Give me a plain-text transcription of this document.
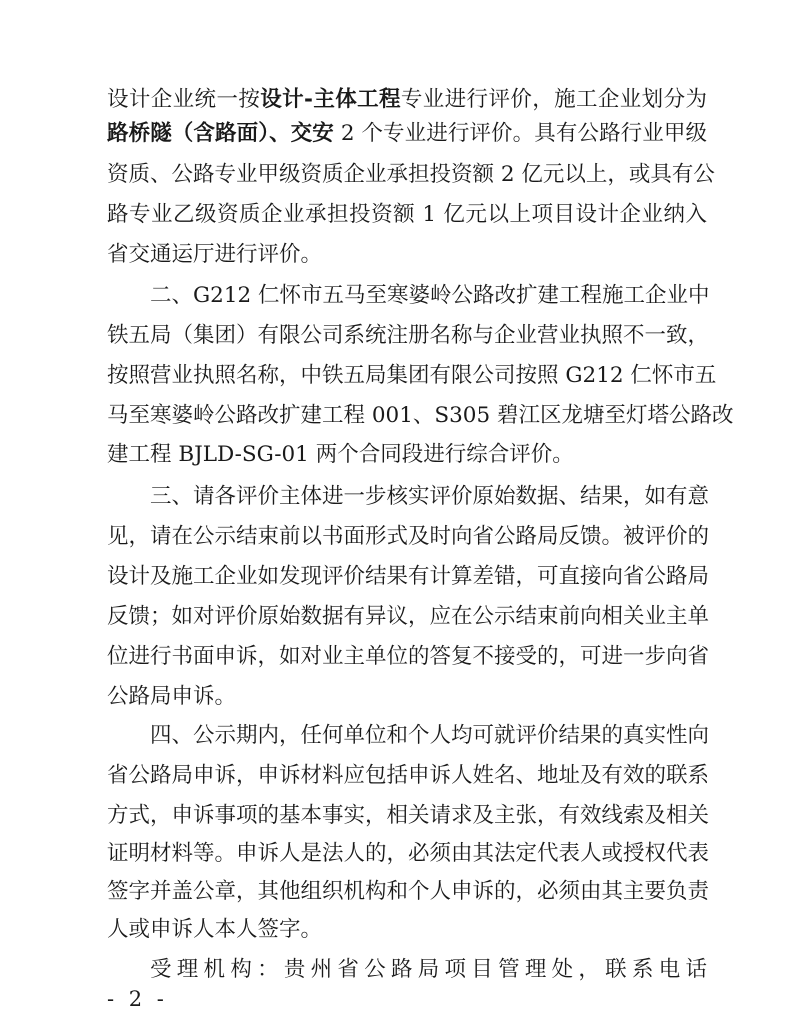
设计企业统一按设计-主体工程专业进行评价，施工企业划分为
路桥隧（含路面）、交安 2 个专业进行评价。具有公路行业甲级
资质、公路专业甲级资质企业承担投资额 2 亿元以上，或具有公
路专业乙级资质企业承担投资额 1 亿元以上项目设计企业纳入
省交通运厅进行评价。
二、G212 仁怀市五马至寒婆岭公路改扩建工程施工企业中
铁五局（集团）有限公司系统注册名称与企业营业执照不一致，
按照营业执照名称，中铁五局集团有限公司按照 G212 仁怀市五
马至寒婆岭公路改扩建工程 001、S305 碧江区龙塘至灯塔公路改
建工程 BJLD-SG-01 两个合同段进行综合评价。
三、请各评价主体进一步核实评价原始数据、结果，如有意
见，请在公示结束前以书面形式及时向省公路局反馈。被评价的
设计及施工企业如发现评价结果有计算差错，可直接向省公路局
反馈；如对评价原始数据有异议，应在公示结束前向相关业主单
位进行书面申诉，如对业主单位的答复不接受的，可进一步向省
公路局申诉。
四、公示期内，任何单位和个人均可就评价结果的真实性向
省公路局申诉，申诉材料应包括申诉人姓名、地址及有效的联系
方式，申诉事项的基本事实，相关请求及主张，有效线索及相关
证明材料等。申诉人是法人的，必须由其法定代表人或授权代表
签字并盖公章，其他组织机构和个人申诉的，必须由其主要负责
人或申诉人本人签字。
- 2 -
受理机构：贵州省公路局项目管理处，联系电话
